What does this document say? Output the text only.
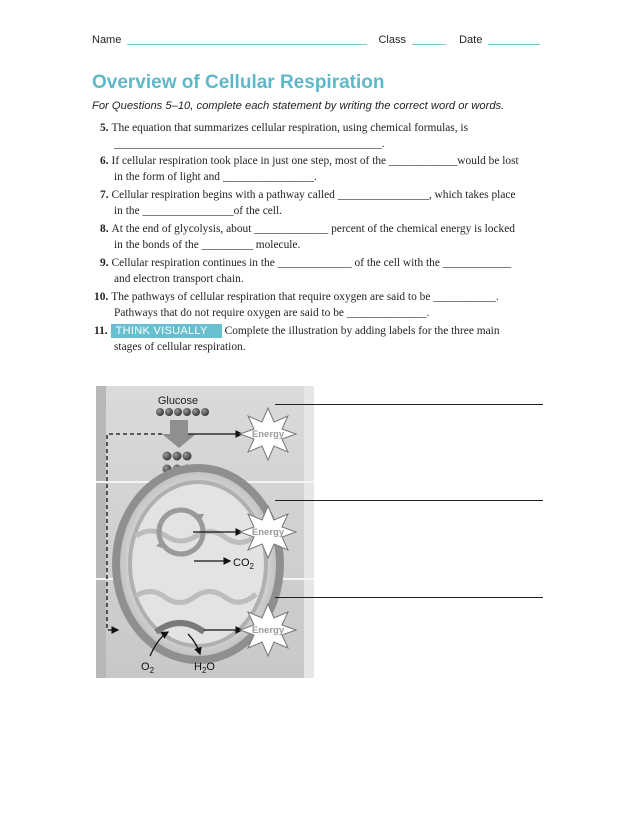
Name	Class	Date
Overview of Cellular Respiration
For Questions 5–10, complete each statement by writing the correct word or words.
5. The equation that summarizes cellular respiration, using chemical formulas, is
_______________________________________________.
6. If cellular respiration took place in just one step, most of the ____________would be lost
in the form of light and ________________.
7. Cellular respiration begins with a pathway called ________________, which takes place
in the ________________of the cell.
8. At the end of glycolysis, about _____________ percent of the chemical energy is locked
in the bonds of the _________ molecule.
9. Cellular respiration continues in the _____________ of the cell with the ____________
and electron transport chain.
10. The pathways of cellular respiration that require oxygen are said to be ___________.
Pathways that do not require oxygen are said to be ______________.
11. THINK VISUALLY Complete the illustration by adding labels for the three main
stages of cellular respiration.
Glucose
Energy
Energy
Energy
$CO_2$
$O_2$	$H_2O$
